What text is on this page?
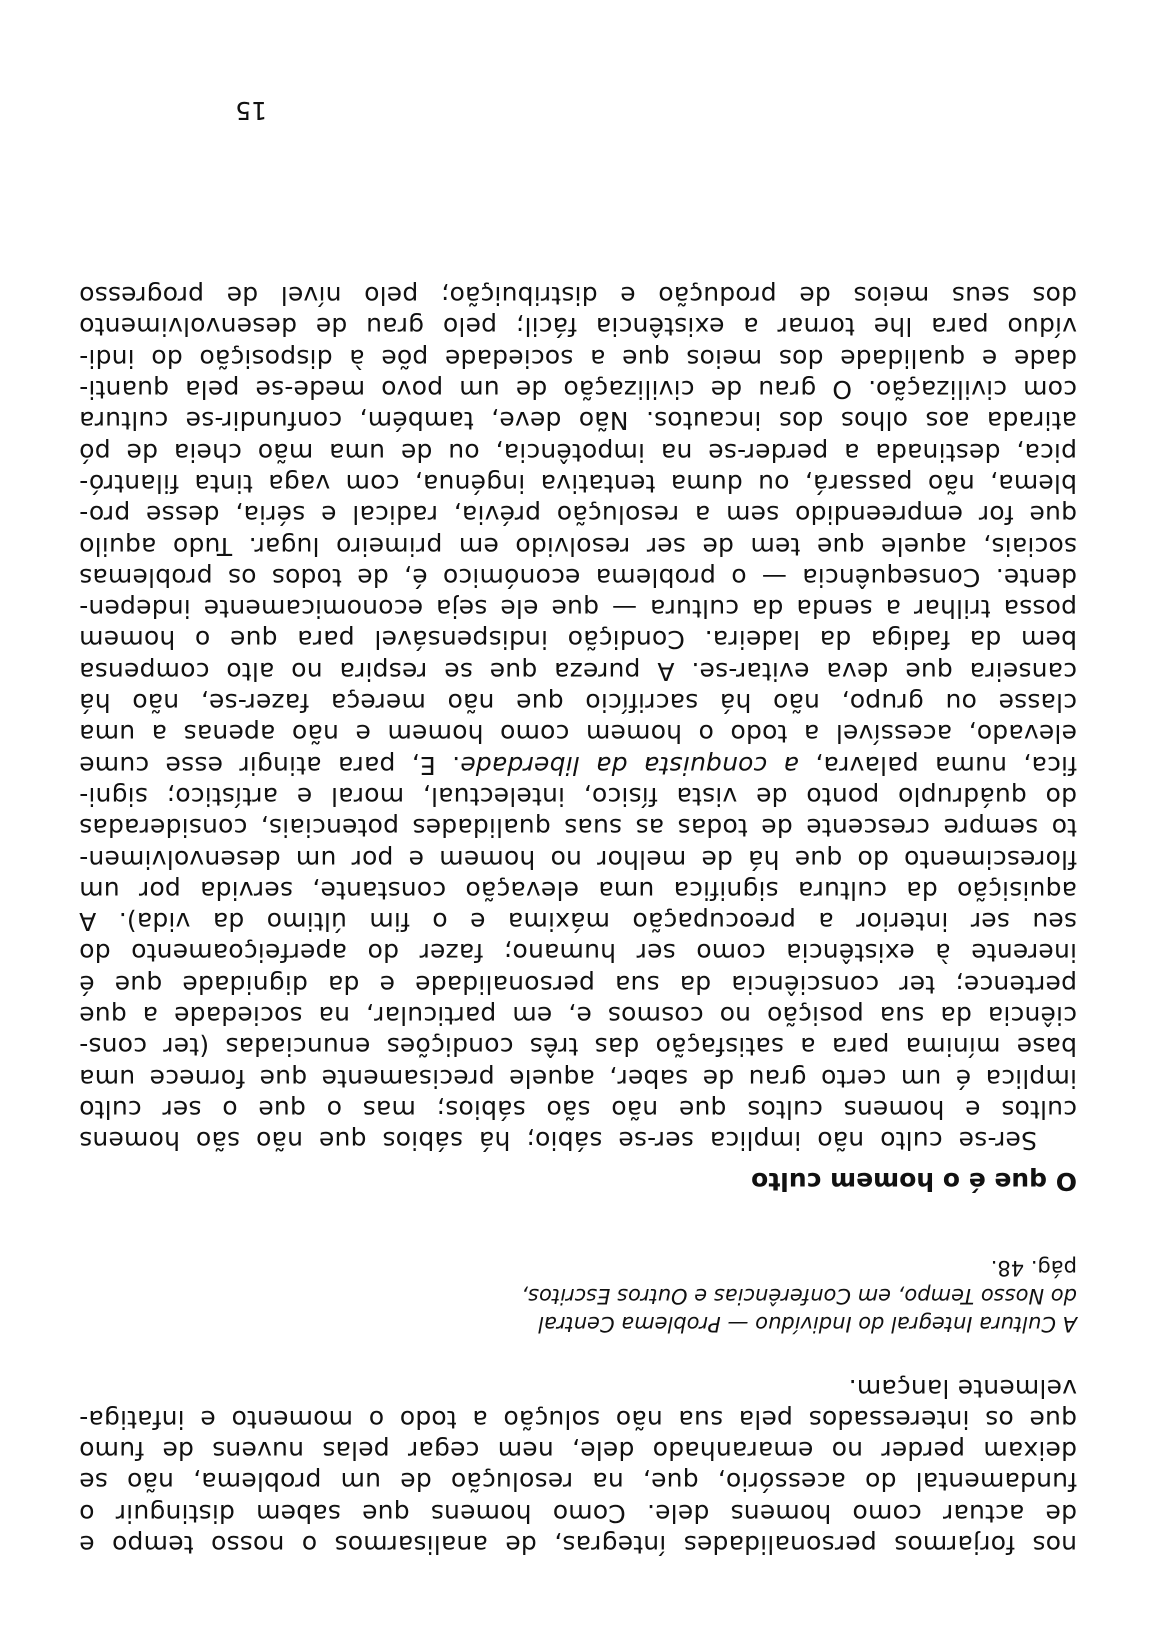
nos forjarmos personalidades íntegras, de analisarmos o nosso tempo e
de actuar como homens dele. Como homens que sabem distinguir o
fundamental do acessório, que, na resolução de um problema, não se
deixam perder no emaranhado dele, nem cegar pelas nuvens de fumo
que os interessados pela sua não solução a todo o momento e infatiga-
velmente lançam.

A Cultura Integral do Indivíduo — Problema Central
do Nosso Tempo, em Conferências e Outros Escritos,
pág. 48.
O que é o homem culto

Ser-se culto não implica ser-se sábio; há sábios que não são homens
cultos e homens cultos que não são sábios; mas o que o ser culto
implica é um certo grau de saber, aquele precisamente que fornece uma
base mínima para a satisfação das três condições enunciadas (ter cons-
ciência da sua posição no cosmos e, em particular, na sociedade a que
pertence; ter consciência da sua personalidade e da dignidade que é
inerente à existência como ser humano; fazer do aperfeiçoamento do
seu ser interior a preocupação máxima e o fim último da vida). A
aquisição da cultura significa uma elevação constante, servida por um
florescimento do que há de melhor no homem e por um desenvolvimen-
to sempre crescente de todas as suas qualidades potenciais, consideradas
do quádruplo ponto de vista físico, intelectual, moral e artístico; signi-
fica, numa palavra, a conquista da liberdade. E, para atingir esse cume
elevado, acessível a todo o homem como homem e não apenas a uma
classe ou grupo, não há sacrifício que não mereça fazer-se, não há
canseira que deva evitar-se. A pureza que se respira no alto compensa
bem da fadiga da ladeira. Condição indispensável para que o homem
possa trilhar a senda da cultura — que ele seja economicamente indepen-
dente. Consequência — o problema económico é, de todos os problemas
sociais, aquele que tem de ser resolvido em primeiro lugar. Tudo aquilo
que for empreendido sem a resolução prévia, radical e séria, desse pro-
blema, não passará, ou duma tentativa ingénua, com vaga tinta filantró-
pica, destinada a perder-se na impotência, ou de uma mão cheia de pó
atirada aos olhos dos incautos. Não deve, também, confundir-se cultura
com civilização. O grau de civilização de um povo mede-se pela quanti-
dade e qualidade dos meios que a sociedade põe à disposição do indi-
víduo para lhe tornar a existência fácil; pelo grau de desenvolvimento
dos seus meios de produção e distribuição; pelo nível de progresso

15
